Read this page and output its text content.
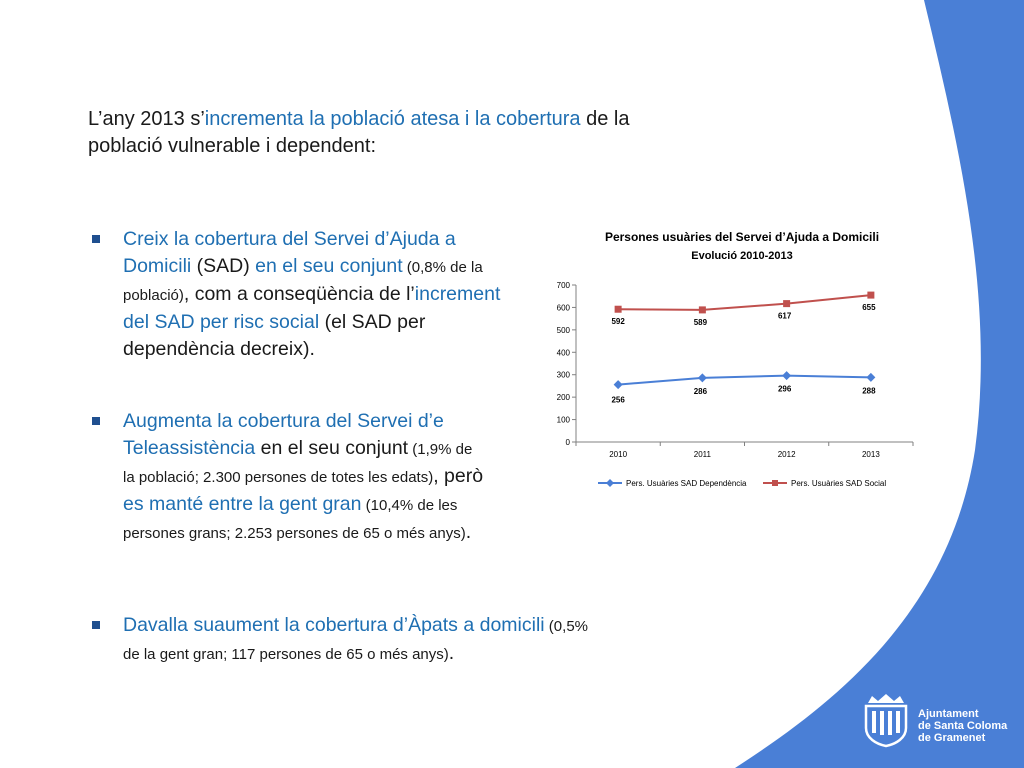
L’any 2013 s’incrementa la població atesa i la cobertura de la població vulnerable i dependent:
Creix la cobertura del Servei d’Ajuda a Domicili (SAD) en el seu conjunt (0,8% de la població), com a conseqüència de l’increment del SAD per risc social (el SAD per dependència decreix).
Augmenta la cobertura del Servei d’e Teleassistència en el seu conjunt (1,9% de la població; 2.300 persones de totes les edats), però es manté entre la gent gran (10,4% de les persones grans; 2.253 persones de 65 o més anys).
Davalla suaument la cobertura d’Àpats a domicili (0,5% de la gent gran; 117 persones de 65 o més anys).
Persones usuàries del Servei d’Ajuda a Domicili
Evolució 2010-2013
0
100
200
300
400
500
600
700
2010	2011	2012	2013
256
286	296	288
592	589
617
655
Pers. Usuàries SAD Dependència	Pers. Usuàries SAD Social
Ajuntament
de Santa Coloma
de Gramenet
